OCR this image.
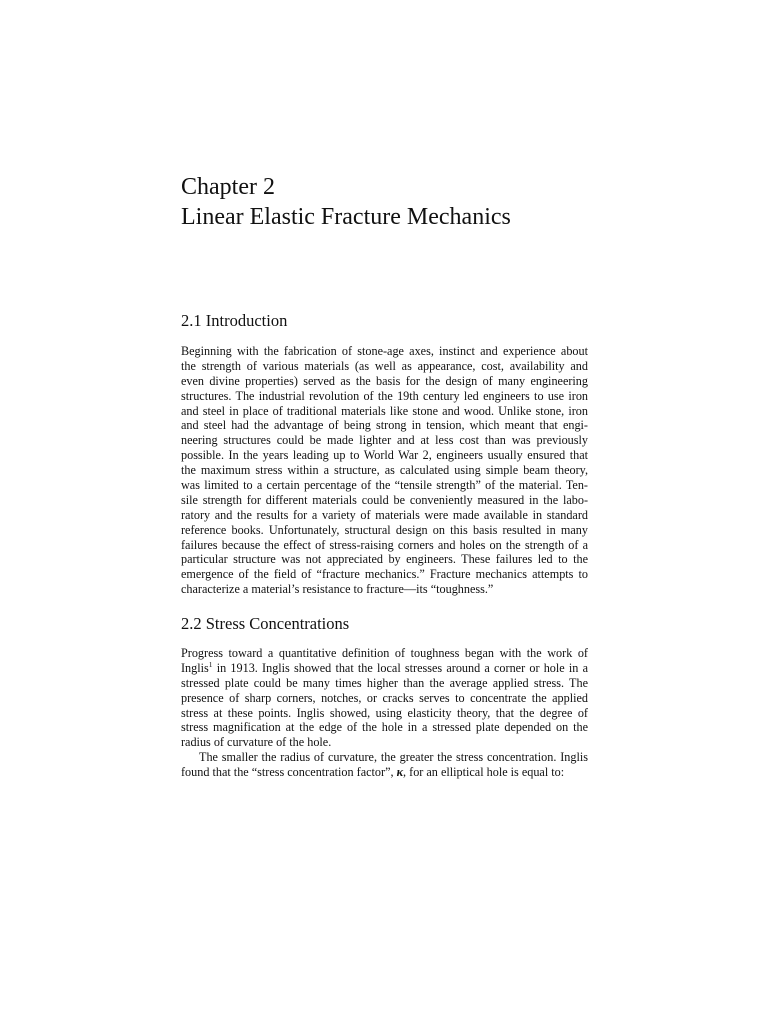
Chapter 2
Linear Elastic Fracture Mechanics
2.1 Introduction
Beginning with the fabrication of stone-age axes, instinct and experience about
the strength of various materials (as well as appearance, cost, availability and
even divine properties) served as the basis for the design of many engineering
structures. The industrial revolution of the 19th century led engineers to use iron
and steel in place of traditional materials like stone and wood. Unlike stone, iron
and steel had the advantage of being strong in tension, which meant that engi-
neering structures could be made lighter and at less cost than was previously
possible. In the years leading up to World War 2, engineers usually ensured that
the maximum stress within a structure, as calculated using simple beam theory,
was limited to a certain percentage of the “tensile strength” of the material. Ten-
sile strength for different materials could be conveniently measured in the labo-
ratory and the results for a variety of materials were made available in standard
reference books. Unfortunately, structural design on this basis resulted in many
failures because the effect of stress-raising corners and holes on the strength of a
particular structure was not appreciated by engineers. These failures led to the
emergence of the field of “fracture mechanics.” Fracture mechanics attempts to
characterize a material’s resistance to fracture—its “toughness.”
2.2 Stress Concentrations
Progress toward a quantitative definition of toughness began with the work of
Inglis$^1$ in 1913. Inglis showed that the local stresses around a corner or hole in a
stressed plate could be many times higher than the average applied stress. The
presence of sharp corners, notches, or cracks serves to concentrate the applied
stress at these points. Inglis showed, using elasticity theory, that the degree of
stress magnification at the edge of the hole in a stressed plate depended on the
radius of curvature of the hole.
The smaller the radius of curvature, the greater the stress concentration. Inglis
found that the “stress concentration factor”, κ, for an elliptical hole is equal to:
